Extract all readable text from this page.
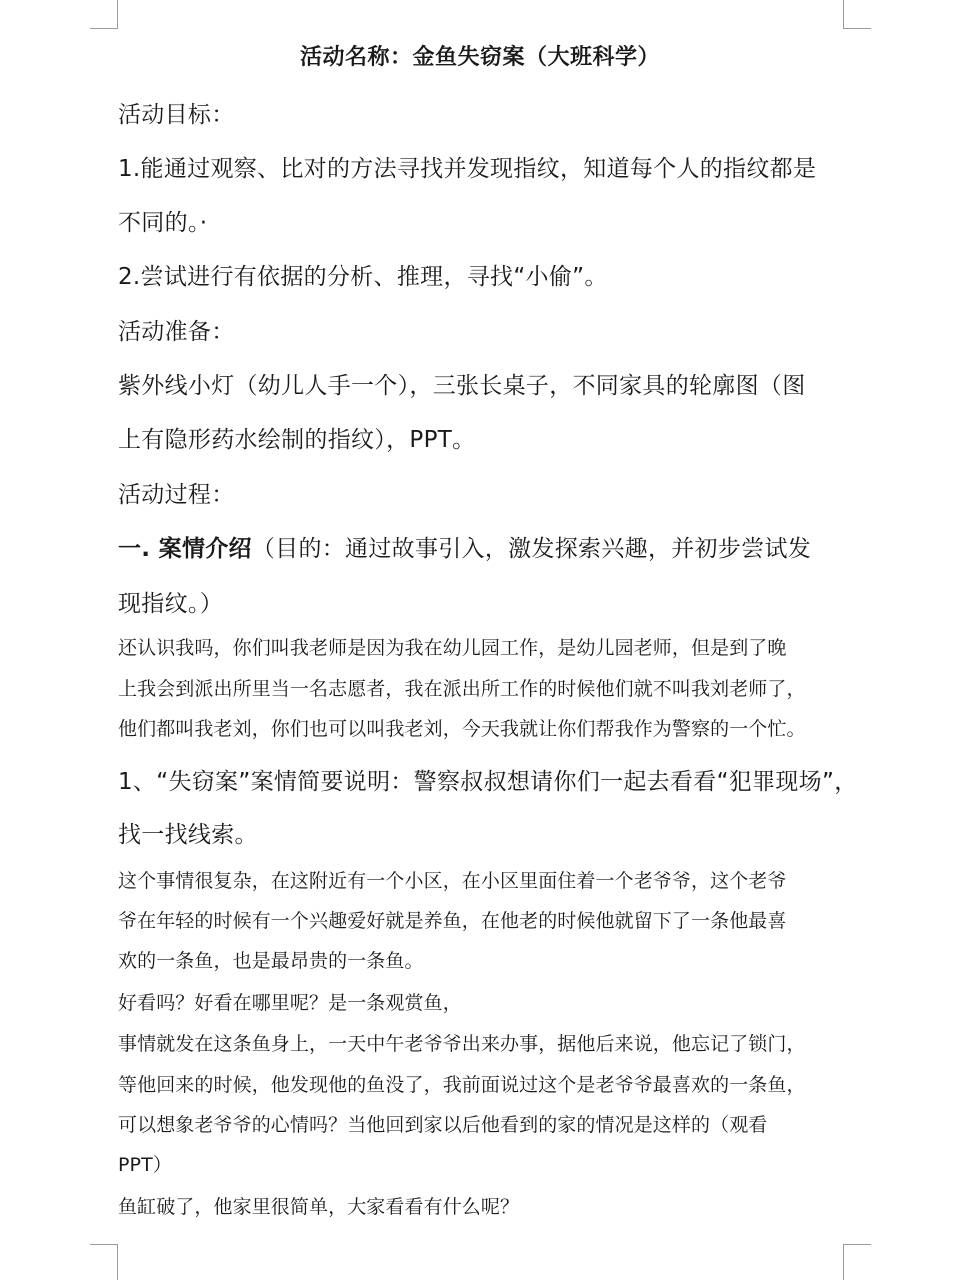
活动名称：金鱼失窃案（大班科学）

活动目标：

1.能通过观察、比对的方法寻找并发现指纹，知道每个人的指纹都是

不同的。·

2.尝试进行有依据的分析、推理，寻找“小偷”。

活动准备：

紫外线小灯（幼儿人手一个），三张长桌子，不同家具的轮廓图（图

上有隐形药水绘制的指纹），PPT。

活动过程：

一. 案情介绍（目的：通过故事引入，激发探索兴趣，并初步尝试发

现指纹。）

还认识我吗，你们叫我老师是因为我在幼儿园工作，是幼儿园老师，但是到了晚

上我会到派出所里当一名志愿者，我在派出所工作的时候他们就不叫我刘老师了，

他们都叫我老刘，你们也可以叫我老刘，今天我就让你们帮我作为警察的一个忙。

1、“失窃案”案情简要说明：警察叔叔想请你们一起去看看“犯罪现场”，

找一找线索。

这个事情很复杂，在这附近有一个小区，在小区里面住着一个老爷爷，这个老爷

爷在年轻的时候有一个兴趣爱好就是养鱼，在他老的时候他就留下了一条他最喜

欢的一条鱼，也是最昂贵的一条鱼。

好看吗？好看在哪里呢？是一条观赏鱼，

事情就发在这条鱼身上，一天中午老爷爷出来办事，据他后来说，他忘记了锁门，

等他回来的时候，他发现他的鱼没了，我前面说过这个是老爷爷最喜欢的一条鱼，

可以想象老爷爷的心情吗？当他回到家以后他看到的家的情况是这样的（观看

PPT）

鱼缸破了，他家里很简单，大家看看有什么呢？
